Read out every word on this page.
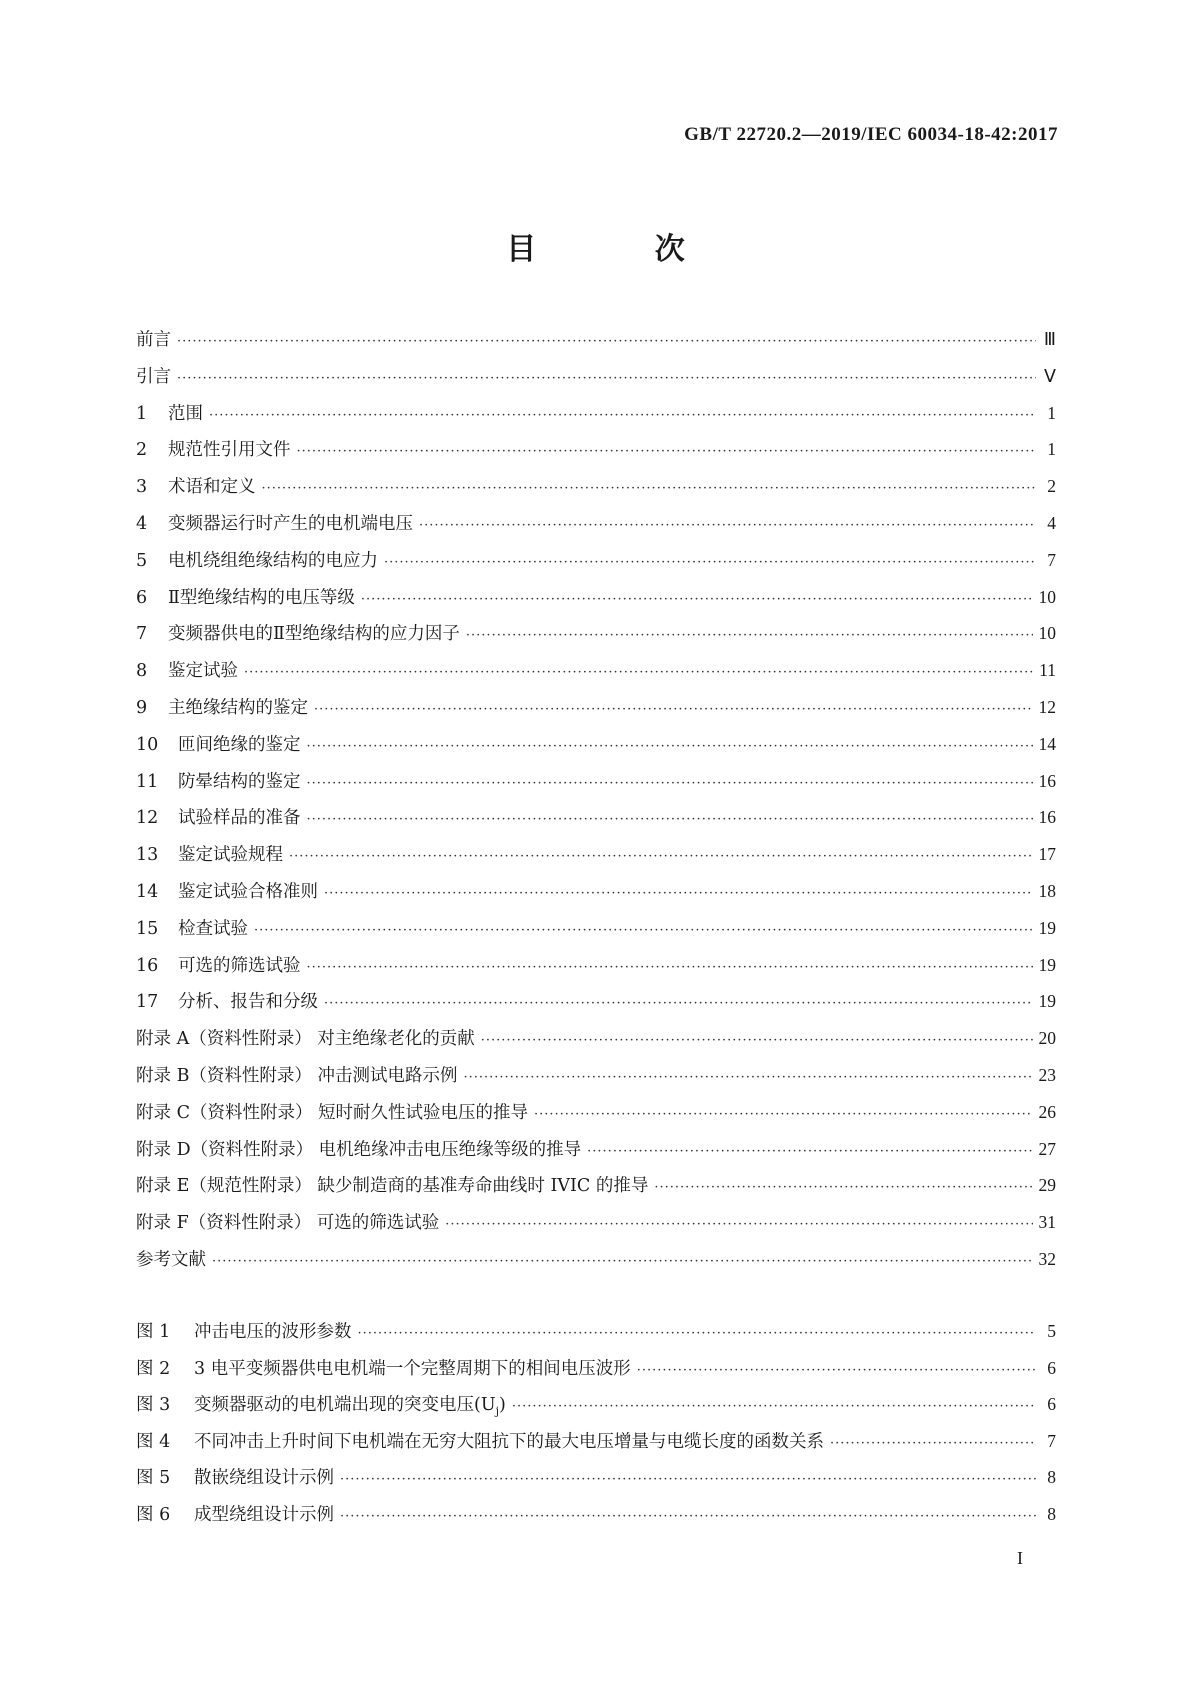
GB/T 22720.2—2019/IEC 60034-18-42:2017
目 次
前言 ·····	Ⅲ
引言 ·····	Ⅴ
1	范围 ·····	1
2	规范性引用文件 ·····	1
3	术语和定义 ·····	2
4	变频器运行时产生的电机端电压 ·····	4
5	电机绕组绝缘结构的电应力 ·····	7
6	Ⅱ型绝缘结构的电压等级 ·····	10
7	变频器供电的Ⅱ型绝缘结构的应力因子 ·····	10
8	鉴定试验 ·····	11
9	主绝缘结构的鉴定 ·····	12
10	匝间绝缘的鉴定 ·····	14
11	防晕结构的鉴定 ·····	16
12	试验样品的准备 ·····	16
13	鉴定试验规程 ·····	17
14	鉴定试验合格准则 ·····	18
15	检查试验 ·····	19
16	可选的筛选试验 ·····	19
17	分析、报告和分级 ·····	19
附录 A（资料性附录） 对主绝缘老化的贡献 ·····	20
附录 B（资料性附录） 冲击测试电路示例 ·····	23
附录 C（资料性附录） 短时耐久性试验电压的推导 ·····	26
附录 D（资料性附录） 电机绝缘冲击电压绝缘等级的推导 ·····	27
附录 E（规范性附录） 缺少制造商的基准寿命曲线时 IVIC 的推导 ·····	29
附录 F（资料性附录） 可选的筛选试验 ·····	31
参考文献 ·····	32
图 1	冲击电压的波形参数 ·····	5
图 2	3 电平变频器供电电机端一个完整周期下的相间电压波形 ·····	6
图 3	变频器驱动的电机端出现的突变电压$(U_j)$ ·····	6
图 4	不同冲击上升时间下电机端在无穷大阻抗下的最大电压增量与电缆长度的函数关系 ·····	7
图 5	散嵌绕组设计示例 ·····	8
图 6	成型绕组设计示例 ·····	8
I
